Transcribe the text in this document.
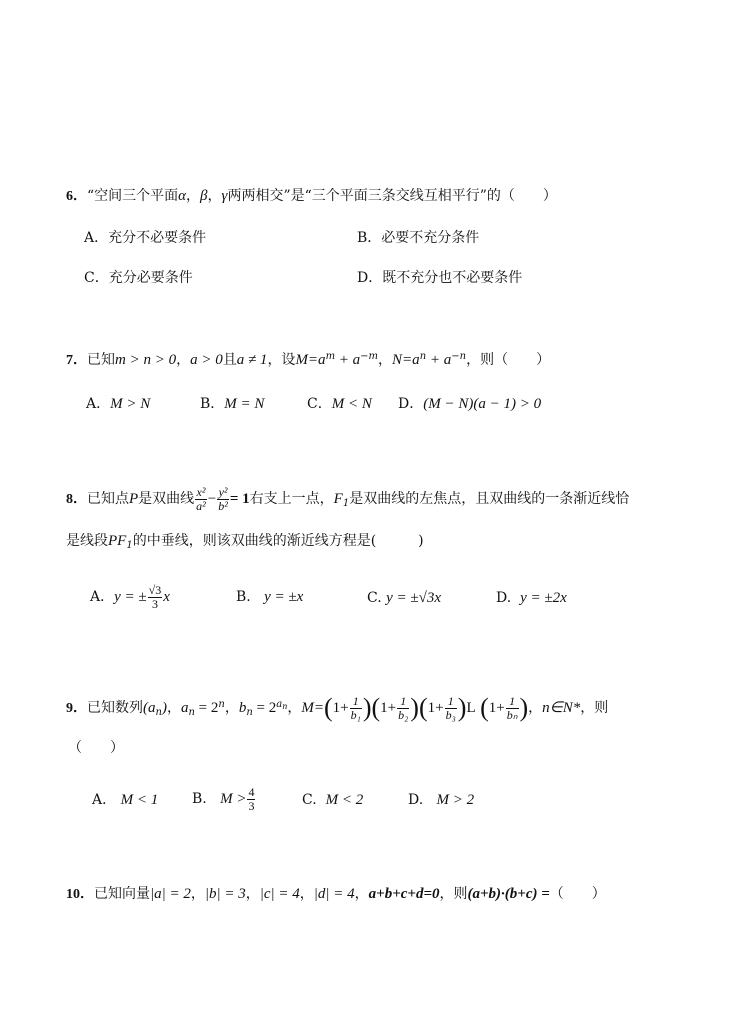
6．“空间三个平面α，β，γ两两相交”是“三个平面三条交线互相平行”的（　　）
A．充分不必要条件	B．必要不充分条件
C．充分必要条件	D．既不充分也不必要条件
7．已知m > n > 0，a > 0且a ≠ 1，设$M=a^m + a^{-m}$，$N=a^n + a^{-n}$，则（　　）
A．M > N	B．M = N	C．M < N D．(M − N)(a − 1) > 0
8．已知点P是双曲线 $\frac{\text{x²}}{\text{a²}} - \frac{\text{y²}}{\text{b²}} = 1$右支上一点，$F_1$是双曲线的左焦点，且双曲线的一条渐近线恰
是线段$PF_1$的中垂线，则该双曲线的渐近线方程是(　　　)
A．y = ± $\frac{√3}{3}$ x	B. y = ±x	C. y = ±√3x	D. y = ±2x
9．已知数列$(a_n)$，$a_n = 2^n$，$b_n = 2^{an}$，$M=(1+ \frac{1}{\text{b₁}} )(1+ \frac{1}{\text{b₂}} )(1+ \frac{1}{\text{b₃}} )L$ ($1+ \frac{1}{\text{bₙ}}$ )，n∈N*，则
（　　）
A． M < 1 B. $M > \frac{4}{3}$	C. M < 2	D. M > 2
10．已知向量|a| = 2，|b| = 3，|c| = 4，|d| = 4，a+b+c+d=0，则(a+b)·(b+c) =（　　）
